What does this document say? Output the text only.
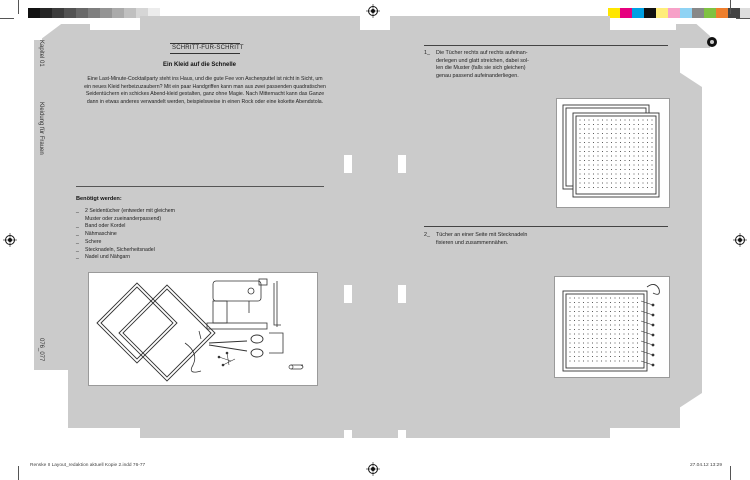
Kapitel 01
Kleidung für Frauen
076_077
SCHRITT-FÜR-SCHRITT
Ein Kleid auf die Schnelle
Eine Last-Minute-Cocktailparty steht ins Haus, und die gute Fee von Aschenputtel ist nicht in Sicht, um ein neues Kleid herbeizuzaubern? Mit ein paar Handgriffen kann man aus zwei passenden quadratischen Seidentüchern ein schickes Abend-kleid gestalten, ganz ohne Magie. Nach Mitternacht kann das Ganze dann in etwas anderes verwandelt werden, beispielsweise in einen Rock oder eine kokette Abendstola.
Benötigt werden:
_ 2 Seidentücher (entweder mit gleichem
Muster oder zueinanderpassend)
_ Band oder Kordel
_ Nähmaschine
_ Schere
_ Stecknadeln, Sicherheitsnadel
_ Nadel und Nähgarn
1_ Die Tücher rechts auf rechts aufeinan-
derlegen und glatt streichen, dabei sol-
len die Muster (falls sie sich gleichen)
genau passend aufeinanderliegen.
2_ Tücher an einer Seite mit Stecknadeln
fixieren und zusammennähen.
Renske II Layout_redaktion aktuell Kopie 2.indd 76-77	27.04.12 13:29
